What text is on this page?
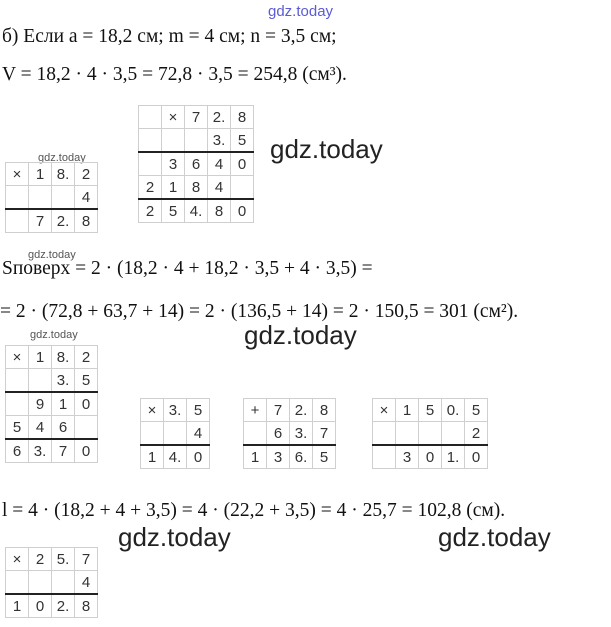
gdz.today
gdz.today
gdz.today
gdz.today
gdz.today
gdz.today
gdz.today	gdz.today
б) Если a = 18,2 см; m = 4 см; n = 3,5 см;
V = 18,2 · 4 · 3,5 = 72,8 · 3,5 = 254,8 (см³).
Sповерх = 2 · (18,2 · 4 + 18,2 · 3,5 + 4 · 3,5) =
= 2 · (72,8 + 63,7 + 14) = 2 · (136,5 + 14) = 2 · 150,5 = 301 (см²).
l = 4 · (18,2 + 4 + 3,5) = 4 · (22,2 + 3,5) = 4 · 25,7 = 102,8 (см).
	×	7	2.	8
			3.	5
	3	6	4	0
2	1	8	4	
2	5	4.	8	0
×	1	8.	2
			4
	7	2.	8
×	1	8.	2
		3.	5
	9	1	0
5	4	6	
6	3.	7	0
×	3.	5
		4
1	4.	0
+	7	2.	8
	6	3.	7
1	3	6.	5
×	1	5	0.	5
				2
	3	0	1.	0
×	2	5.	7
			4
1	0	2.	8
